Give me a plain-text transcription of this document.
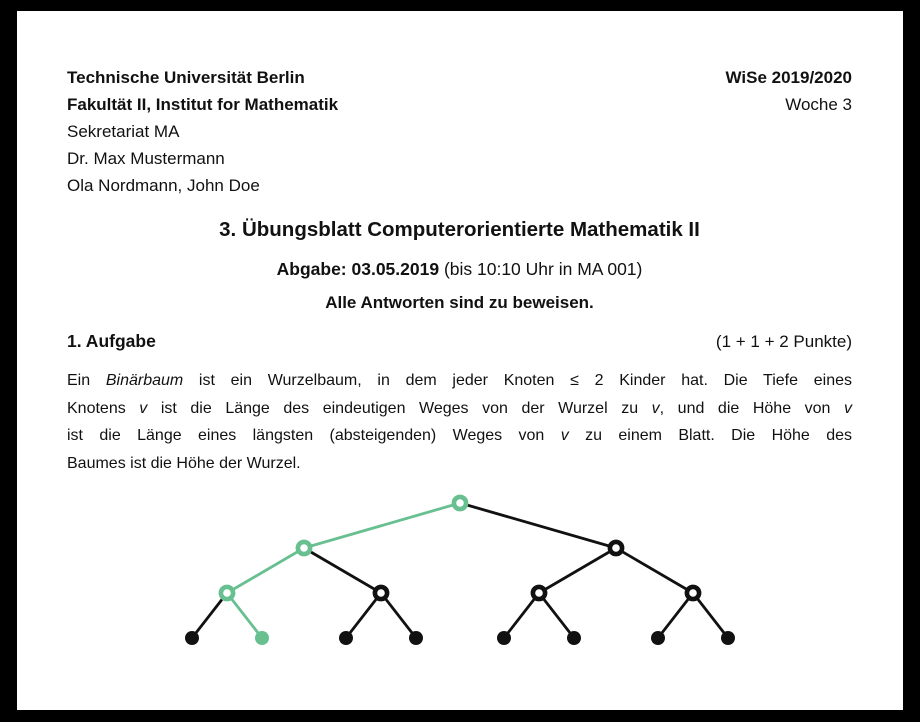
Technische Universität Berlin
Fakultät II, Institut for Mathematik
Sekretariat MA
Dr. Max Mustermann
Ola Nordmann, John Doe
WiSe 2019/2020
Woche 3
3. Übungsblatt Computerorientierte Mathematik II
Abgabe: 03.05.2019 (bis 10:10 Uhr in MA 001)
Alle Antworten sind zu beweisen.
1. Aufgabe	(1 + 1 + 2 Punkte)
Ein Binärbaum ist ein Wurzelbaum, in dem jeder Knoten ≤ 2 Kinder hat. Die Tiefe eines
Knotens v ist die Länge des eindeutigen Weges von der Wurzel zu v, und die Höhe von v
ist die Länge eines längsten (absteigenden) Weges von v zu einem Blatt. Die Höhe des
Baumes ist die Höhe der Wurzel.
